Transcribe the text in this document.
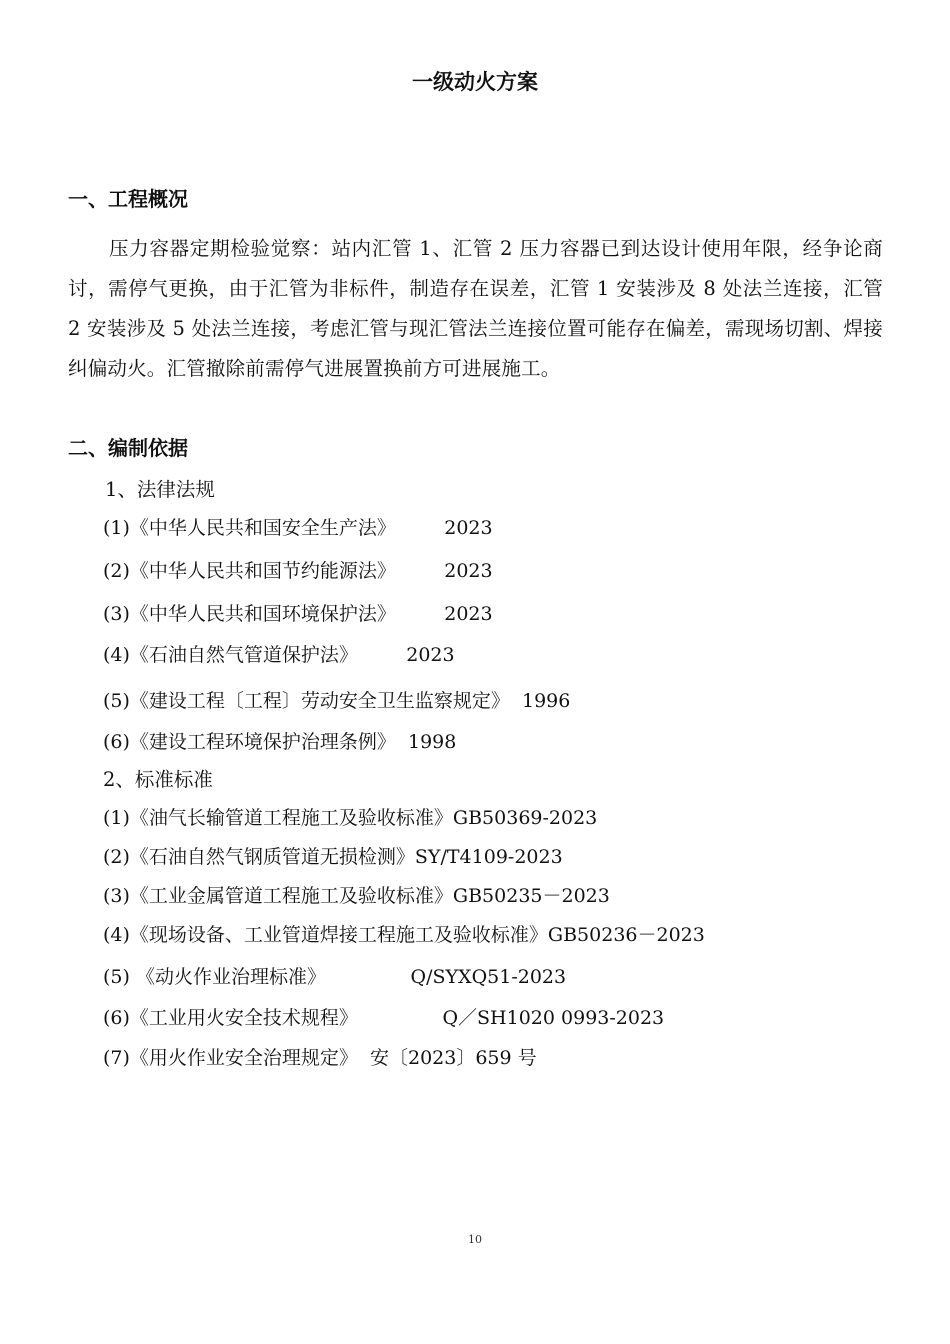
一级动火方案
一、工程概况
压力容器定期检验觉察：站内汇管 1、汇管 2 压力容器已到达设计使用年限，经争论商讨，需停气更换，由于汇管为非标件，制造存在误差，汇管 1 安装涉及 8 处法兰连接，汇管 2 安装涉及 5 处法兰连接，考虑汇管与现汇管法兰连接位置可能存在偏差，需现场切割、焊接纠偏动火。汇管撤除前需停气进展置换前方可进展施工。
二、编制依据
1、法律法规
(1)《中华人民共和国安全生产法》        2023
(2)《中华人民共和国节约能源法》        2023
(3)《中华人民共和国环境保护法》        2023
(4)《石油自然气管道保护法》        2023
(5)《建设工程〔工程〕劳动安全卫生监察规定》  1996
(6)《建设工程环境保护治理条例》  1998
2、标准标准
(1)《油气长输管道工程施工及验收标准》GB50369-2023
(2)《石油自然气钢质管道无损检测》SY/T4109-2023
(3)《工业金属管道工程施工及验收标准》GB50235－2023
(4)《现场设备、工业管道焊接工程施工及验收标准》GB50236－2023
(5) 《动火作业治理标准》              Q/SYXQ51-2023
(6)《工业用火安全技术规程》              Q／SH1020 0993-2023
(7)《用火作业安全治理规定》  安〔2023〕659 号
10
